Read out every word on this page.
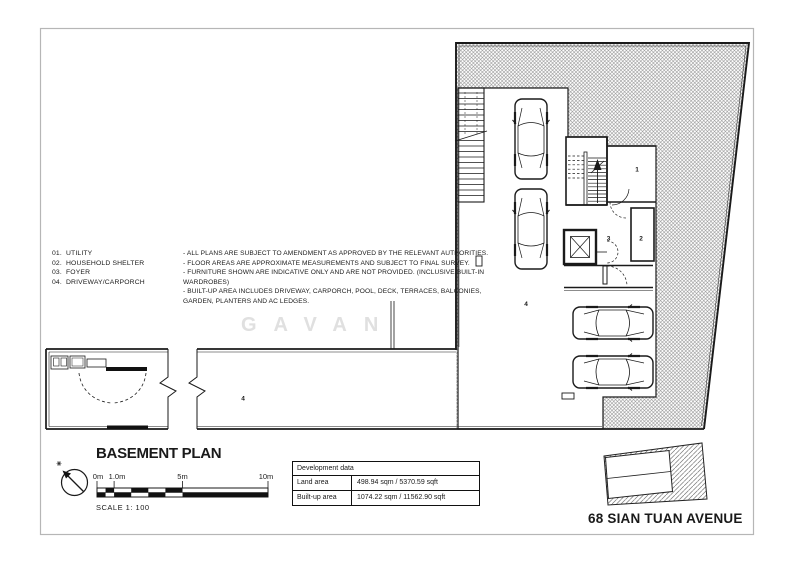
GAVAN
1
2
3
4
4
0m 1.0m	5m	10m
01. UTILITY
02. HOUSEHOLD SHELTER
03. FOYER
04. DRIVEWAY/CARPORCH
- ALL PLANS ARE SUBJECT TO AMENDMENT AS APPROVED BY THE RELEVANT AUTHORITIES.
- FLOOR AREAS ARE APPROXIMATE MEASUREMENTS AND SUBJECT TO FINAL SURVEY.
- FURNITURE SHOWN ARE INDICATIVE ONLY AND ARE NOT PROVIDED. (INCLUSIVE BUILT-IN
WARDROBES)
- BUILT-UP AREA INCLUDES DRIVEWAY, CARPORCH, POOL, DECK, TERRACES, BALCONIES,
GARDEN, PLANTERS AND AC LEDGES.
BASEMENT PLAN
SCALE 1: 100
68 SIAN TUAN AVENUE
Development data
Land area	498.94 sqm / 5370.59 sqft
Built-up area	1074.22 sqm / 11562.90 sqft
